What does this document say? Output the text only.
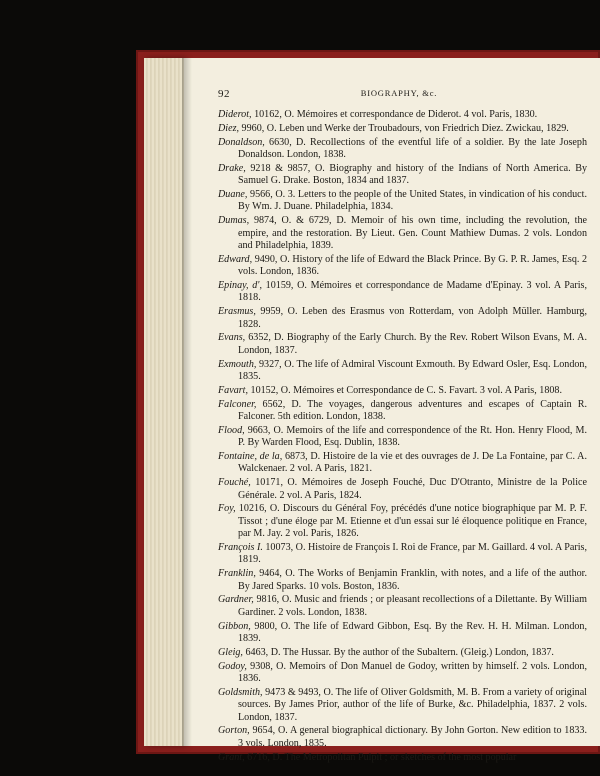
92	BIOGRAPHY, &c.

Diderot, 10162, O. Mémoires et correspondance de Diderot. 4 vol. Paris, 1830.

Diez, 9960, O. Leben und Werke der Troubadours, von Friedrich Diez. Zwickau, 1829.

Donaldson, 6630, D. Recollections of the eventful life of a soldier. By the late Joseph Donaldson. London, 1838.

Drake, 9218 & 9857, O. Biography and history of the Indians of North America. By Samuel G. Drake. Boston, 1834 and 1837.

Duane, 9566, O. 3. Letters to the people of the United States, in vindication of his conduct. By Wm. J. Duane. Philadelphia, 1834.

Dumas, 9874, O. & 6729, D. Memoir of his own time, including the revolution, the empire, and the restoration. By Lieut. Gen. Count Mathiew Dumas. 2 vols. London and Philadelphia, 1839.

Edward, 9490, O. History of the life of Edward the Black Prince. By G. P. R. James, Esq. 2 vols. London, 1836.

Epinay, d', 10159, O. Mémoires et correspondance de Madame d'Epinay. 3 vol. A Paris, 1818.

Erasmus, 9959, O. Leben des Erasmus von Rotterdam, von Adolph Müller. Hamburg, 1828.

Evans, 6352, D. Biography of the Early Church. By the Rev. Robert Wilson Evans, M. A. London, 1837.

Exmouth, 9327, O. The life of Admiral Viscount Exmouth. By Edward Osler, Esq. London, 1835.

Favart, 10152, O. Mémoires et Correspondance de C. S. Favart. 3 vol. A Paris, 1808.

Falconer, 6562, D. The voyages, dangerous adventures and escapes of Captain R. Falconer. 5th edition. London, 1838.

Flood, 9663, O. Memoirs of the life and correspondence of the Rt. Hon. Henry Flood, M. P. By Warden Flood, Esq. Dublin, 1838.

Fontaine, de la, 6873, D. Histoire de la vie et des ouvrages de J. De La Fontaine, par C. A. Walckenaer. 2 vol. A Paris, 1821.

Fouché, 10171, O. Mémoires de Joseph Fouché, Duc D'Otranto, Ministre de la Police Générale. 2 vol. A Paris, 1824.

Foy, 10216, O. Discours du Général Foy, précédés d'une notice biographique par M. P. F. Tissot ; d'une éloge par M. Etienne et d'un essai sur lé éloquence politique en France, par M. Jay. 2 vol. Paris, 1826.

François I. 10073, O. Histoire de François I. Roi de France, par M. Gaillard. 4 vol. A Paris, 1819.

Franklin, 9464, O. The Works of Benjamin Franklin, with notes, and a life of the author. By Jared Sparks. 10 vols. Boston, 1836.

Gardner, 9816, O. Music and friends ; or pleasant recollections of a Dilettante. By William Gardiner. 2 vols. London, 1838.

Gibbon, 9800, O. The life of Edward Gibbon, Esq. By the Rev. H. H. Milman. London, 1839.

Gleig, 6463, D. The Hussar. By the author of the Subaltern. (Gleig.) London, 1837.

Godoy, 9308, O. Memoirs of Don Manuel de Godoy, written by himself. 2 vols. London, 1836.

Goldsmith, 9473 & 9493, O. The life of Oliver Goldsmith, M. B. From a variety of original sources. By James Prior, author of the life of Burke, &c. Philadelphia, 1837. 2 vols. London, 1837.

Gorton, 9654, O. A general biographical dictionary. By John Gorton. New edition to 1833. 3 vols. London, 1835.

Grant, 6716, D. The Metropolitan Pulpit ; or sketches of the most popular
